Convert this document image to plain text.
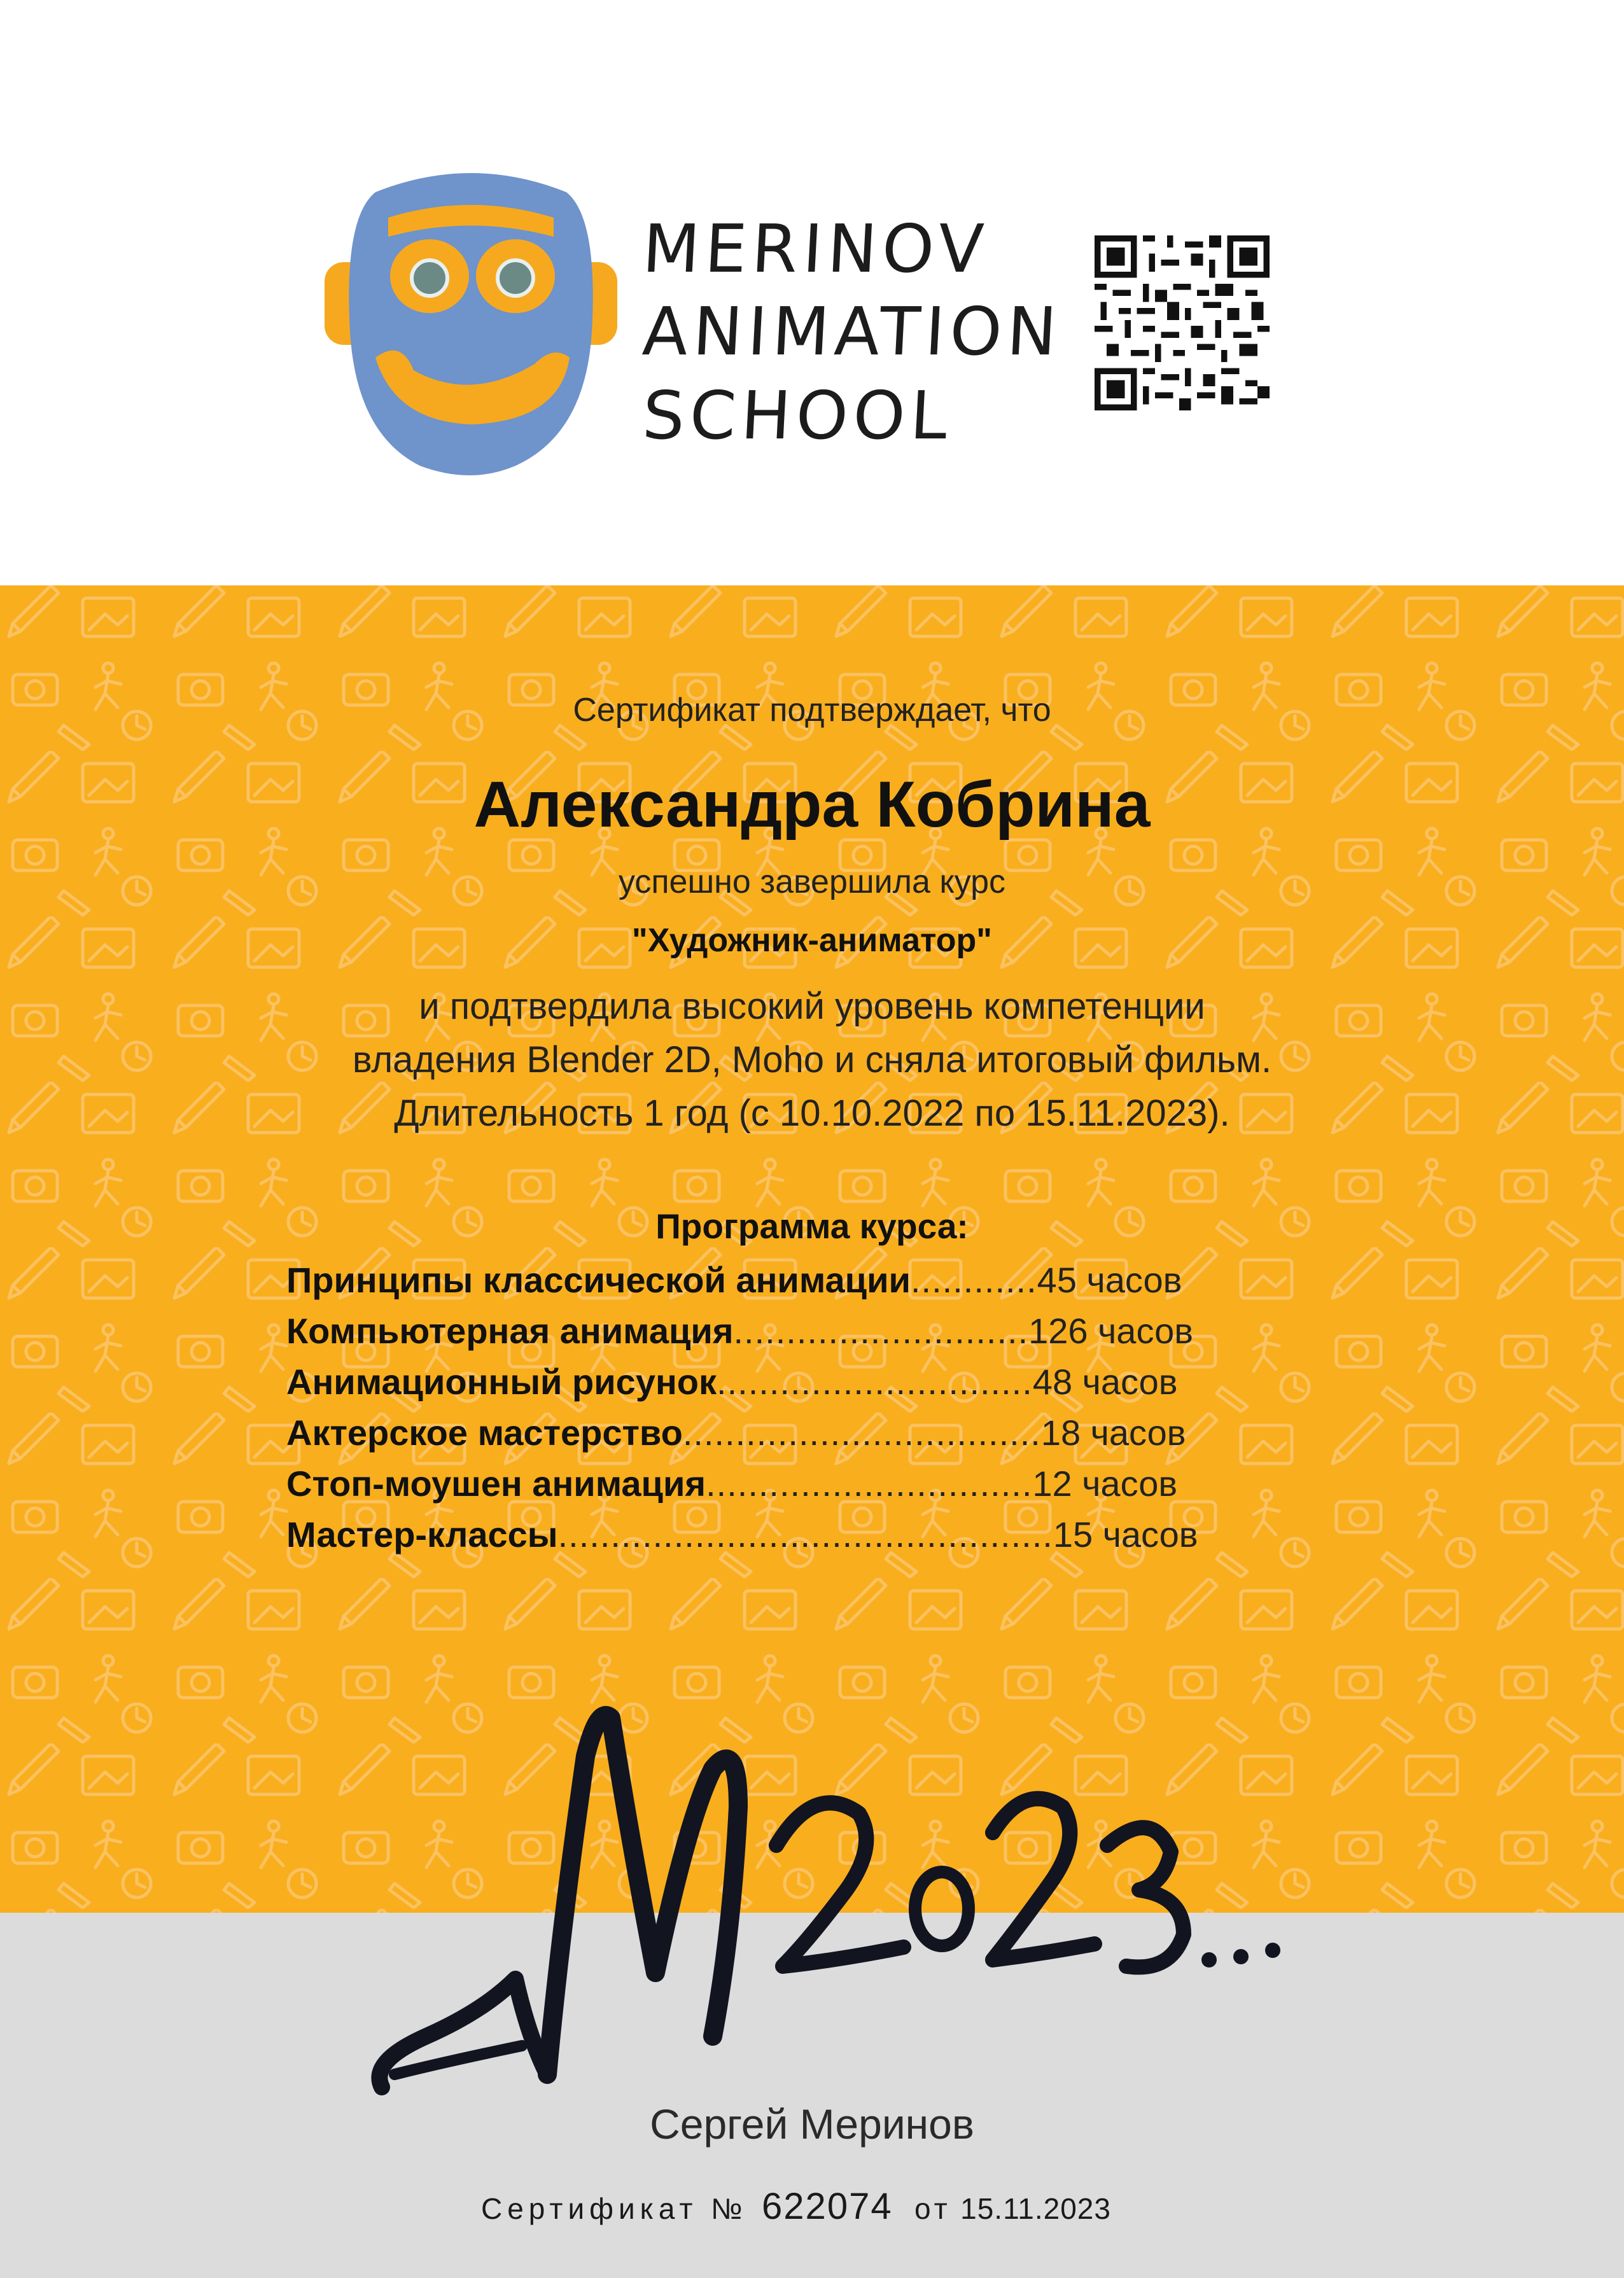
MERINOV
ANIMATION
SCHOOL
Сертификат подтверждает, что
Александра Кобрина
успешно завершила курс
"Художник-аниматор"
и подтвердила высокий уровень компетенции
владения Blender 2D, Moho и сняла итоговый фильм.
Длительность 1 год (с 10.10.2022 по 15.11.2023).
Программа курса:
Принципы классической анимации............45 часов
Компьютерная анимация............................126 часов
Анимационный рисунок..............................48 часов
Актерское мастерство..................................18 часов
Стоп-моушен анимация...............................12 часов
Мастер-классы...............................................15 часов
Сергей Меринов
Сертификат № 622074 от 15.11.2023
